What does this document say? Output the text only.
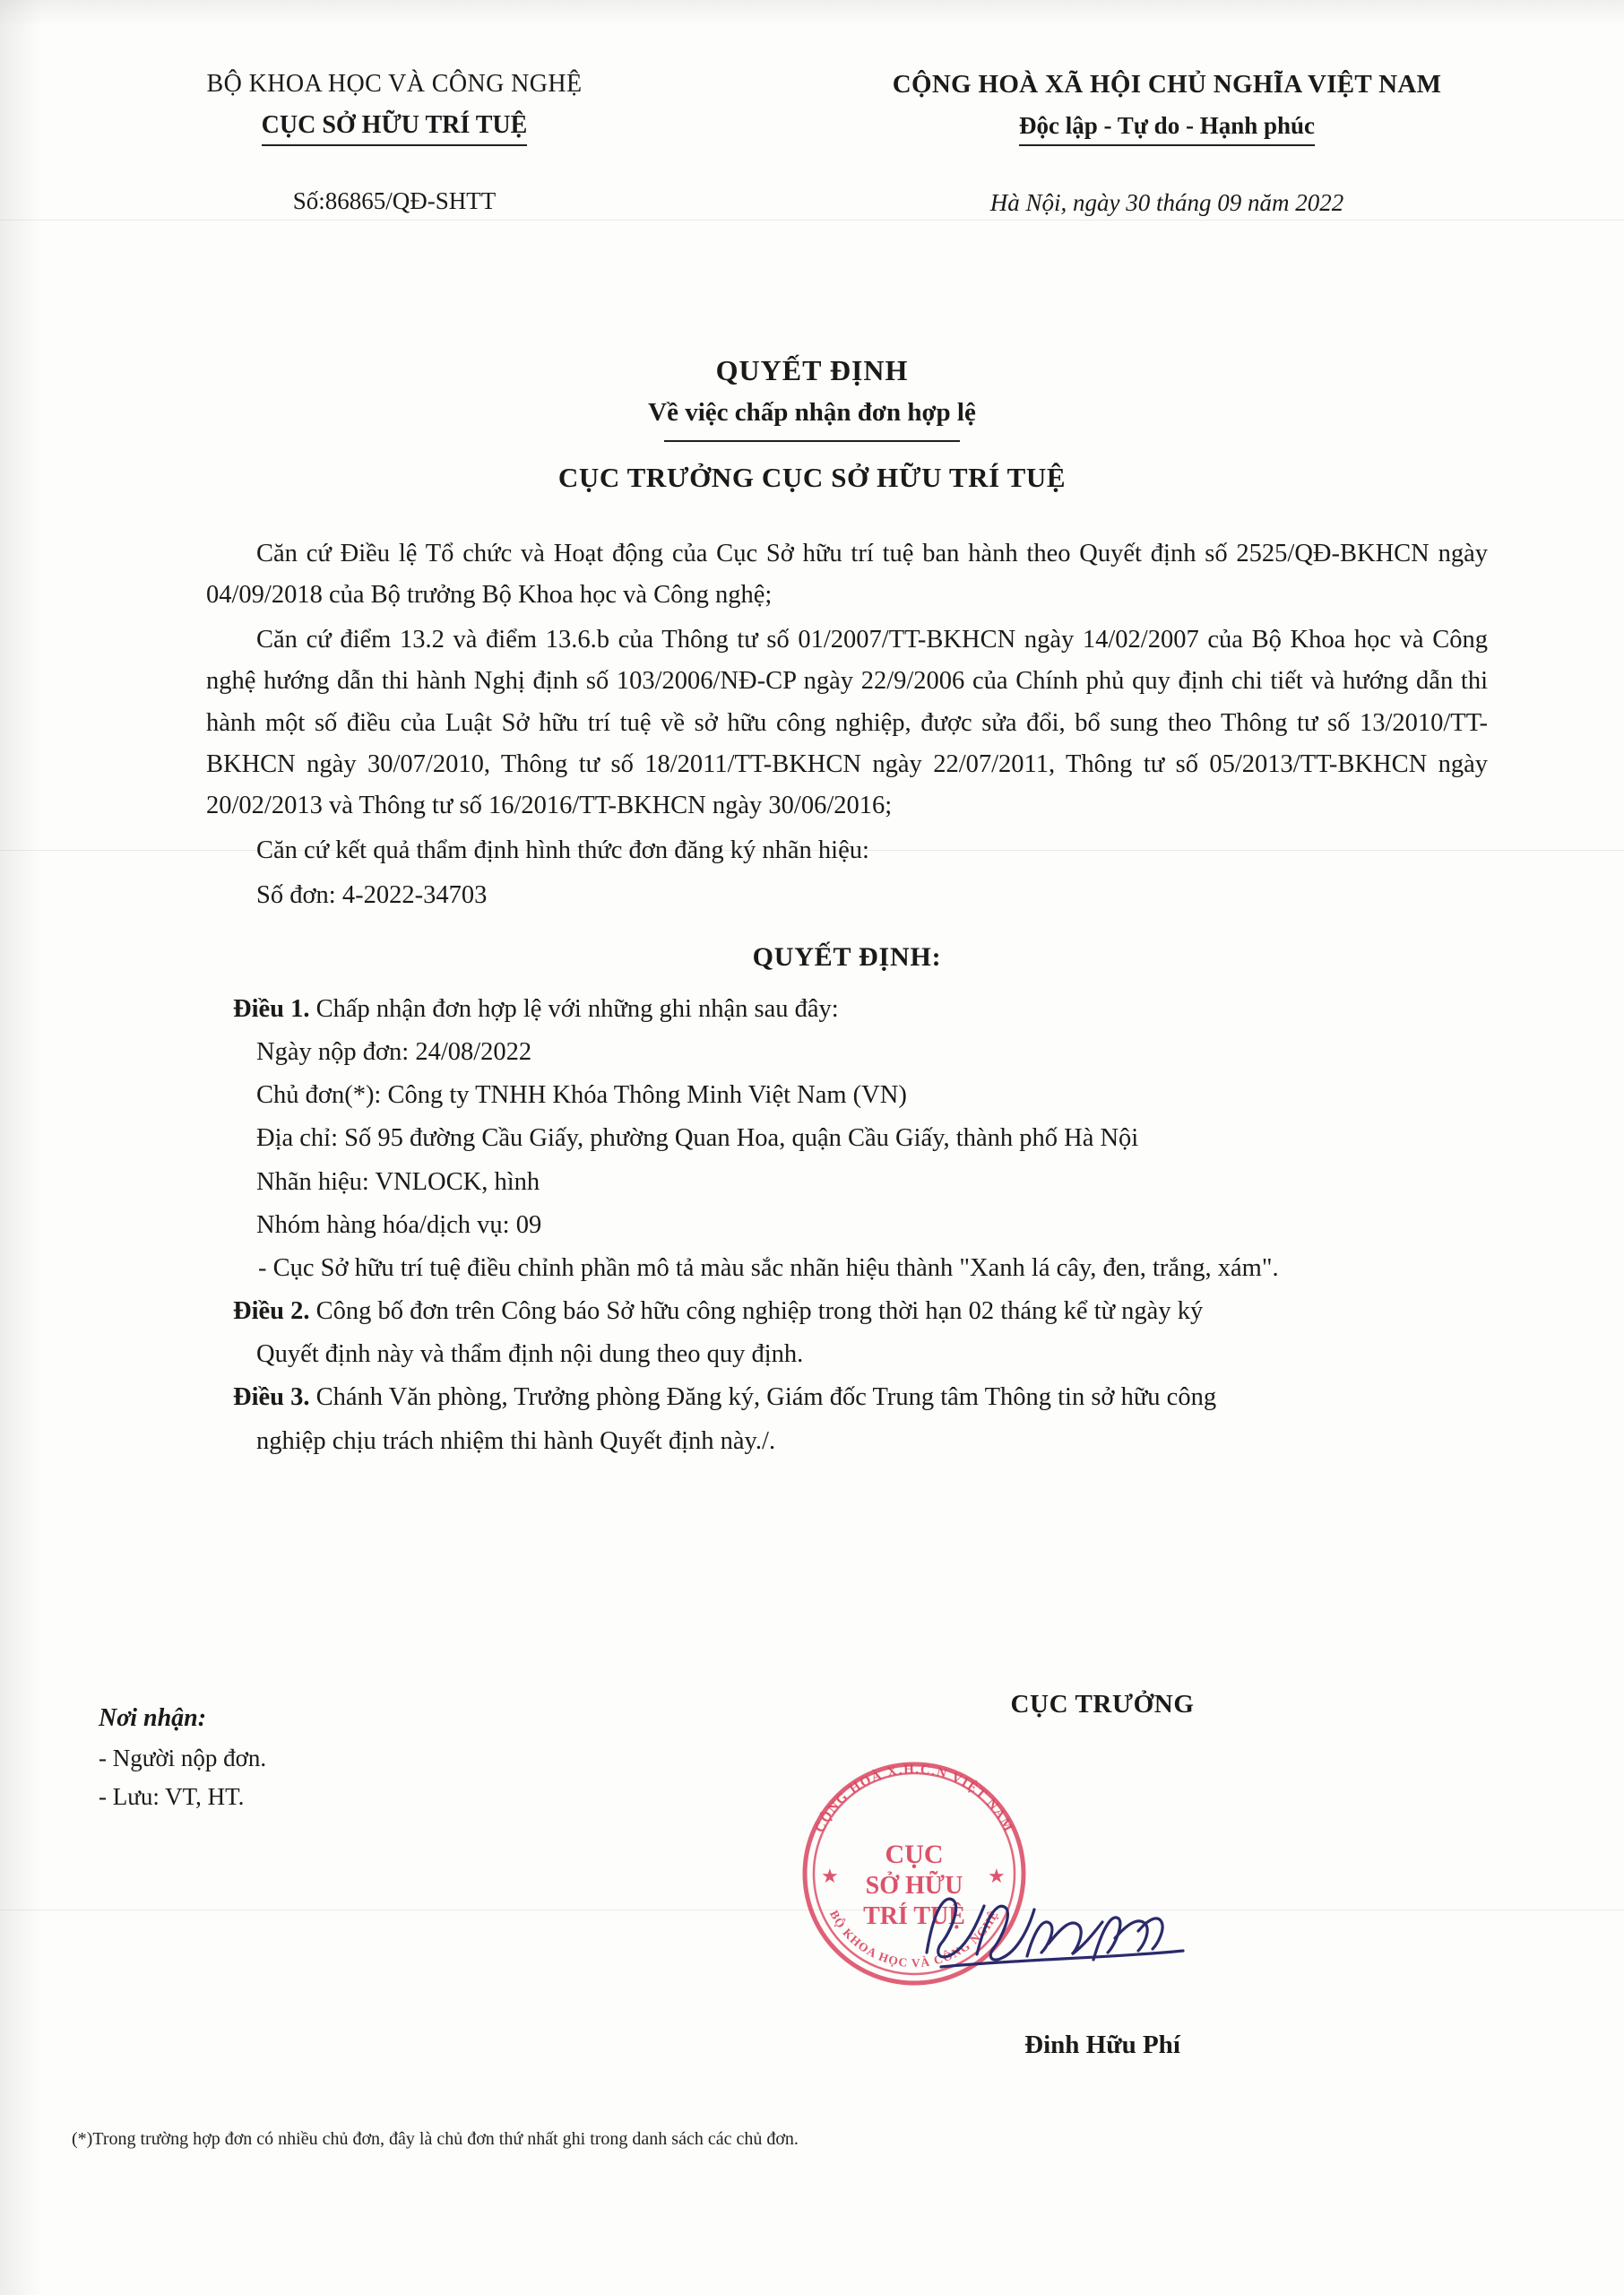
BỘ KHOA HỌC VÀ CÔNG NGHỆ
CỤC SỞ HỮU TRÍ TUỆ
Số:86865/QĐ-SHTT
CỘNG HOÀ XÃ HỘI CHỦ NGHĨA VIỆT NAM
Độc lập - Tự do - Hạnh phúc
Hà Nội, ngày 30 tháng 09 năm 2022
QUYẾT ĐỊNH
Về việc chấp nhận đơn hợp lệ
CỤC TRƯỞNG CỤC SỞ HỮU TRÍ TUỆ

Căn cứ Điều lệ Tổ chức và Hoạt động của Cục Sở hữu trí tuệ ban hành theo Quyết định số 2525/QĐ-BKHCN ngày 04/09/2018 của Bộ trưởng Bộ Khoa học và Công nghệ;

Căn cứ điểm 13.2 và điểm 13.6.b của Thông tư số 01/2007/TT-BKHCN ngày 14/02/2007 của Bộ Khoa học và Công nghệ hướng dẫn thi hành Nghị định số 103/2006/NĐ-CP ngày 22/9/2006 của Chính phủ quy định chi tiết và hướng dẫn thi hành một số điều của Luật Sở hữu trí tuệ về sở hữu công nghiệp, được sửa đổi, bổ sung theo Thông tư số 13/2010/TT-BKHCN ngày 30/07/2010, Thông tư số 18/2011/TT-BKHCN ngày 22/07/2011, Thông tư số 05/2013/TT-BKHCN ngày 20/02/2013 và Thông tư số 16/2016/TT-BKHCN ngày 30/06/2016;

Căn cứ kết quả thẩm định hình thức đơn đăng ký nhãn hiệu:

Số đơn: 4-2022-34703

QUYẾT ĐỊNH:

Điều 1. Chấp nhận đơn hợp lệ với những ghi nhận sau đây:

Ngày nộp đơn: 24/08/2022

Chủ đơn(*): Công ty TNHH Khóa Thông Minh Việt Nam (VN)

Địa chỉ: Số 95 đường Cầu Giấy, phường Quan Hoa, quận Cầu Giấy, thành phố Hà Nội

Nhãn hiệu: VNLOCK, hình

Nhóm hàng hóa/dịch vụ: 09

- Cục Sở hữu trí tuệ điều chỉnh phần mô tả màu sắc nhãn hiệu thành "Xanh lá cây, đen, trắng, xám".

Điều 2. Công bố đơn trên Công báo Sở hữu công nghiệp trong thời hạn 02 tháng kể từ ngày ký

Quyết định này và thẩm định nội dung theo quy định.

Điều 3. Chánh Văn phòng, Trưởng phòng Đăng ký, Giám đốc Trung tâm Thông tin sở hữu công

nghiệp chịu trách nhiệm thi hành Quyết định này./.

Nơi nhận:
- Người nộp đơn.
- Lưu: VT, HT.
CỤC TRƯỞNG
CỘNG HOÀ X.H.C.N VIỆT NAM
BỘ KHOA HỌC VÀ CÔNG NGHỆ
★	★
CỤC
SỞ HỮU
TRÍ TUỆ
Đinh Hữu Phí
(*)Trong trường hợp đơn có nhiều chủ đơn, đây là chủ đơn thứ nhất ghi trong danh sách các chủ đơn.
